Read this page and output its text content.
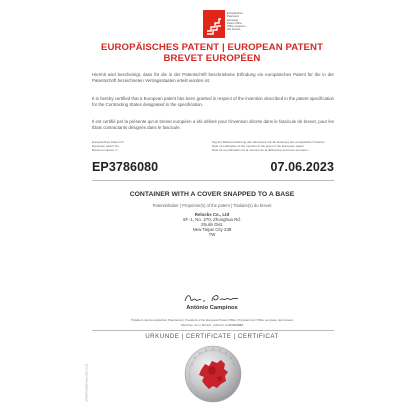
Europäisches
Patentamt
European
Patent Office
Office européen
des brevets
EUROPÄISCHES PATENT | EUROPEAN PATENT
BREVET EUROPÉEN

Hiermit wird bescheinigt, dass für die in der Patentschrift beschriebene Erfindung ein europäisches Patent für die in der Patentschrift bezeichneten Vertragsstaaten erteilt worden ist.

It is hereby certified that a European patent has been granted in respect of the invention described in the patent specification for the Contracting States designated in the specification.

Il est certifié par la présente qu'un brevet européen a été délivré pour l'invention décrite dans le fascicule de brevet, pour les États contractants désignés dans le fascicule.

Europäisches Patent Nr.
European patent No.
Brevet européen n°
Tag der Bekanntmachung des Hinweises auf die Erteilung des europäischen Patents
Date of publication of the mention of the grant of the European patent
Date de la publication de la mention de la délivrance du brevet européen
EP3786080	07.06.2023
CONTAINER WITH A COVER SNAPPED TO A BASE
Patentinhaber | Proprietor(s) of the patent | Titulaire(s) du brevet
Relocks Co., Ltd
6F.-1, No. 270, Zhonghua Rd.
Shulin Dist.
New Taipei City 238
TW
António Campinos
Präsident des Europäischen Patentamts | President of the European Patent Office | Président de l'Office européen des brevets
München, den | Munich, | Munich, le 07.06.2023
URKUNDE | CERTIFICATE | CERTIFICAT
EPA/EPO/OEB Form 2031 10.22
